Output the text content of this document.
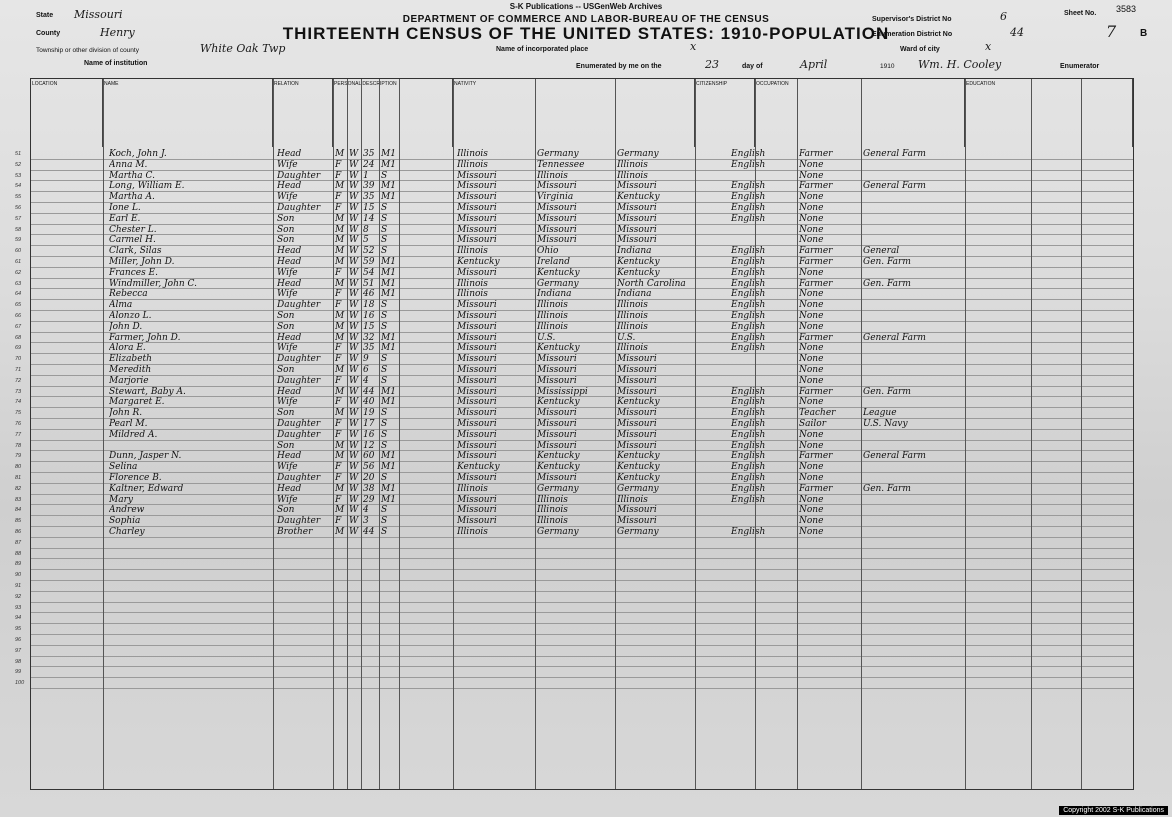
S-K Publications -- USGenWeb Archives
DEPARTMENT OF COMMERCE AND LABOR-BUREAU OF THE CENSUS
THIRTEENTH CENSUS OF THE UNITED STATES: 1910-POPULATION
State Missouri
County	Henry
Township or other division of county	White Oak Twp
Name of institution
Name of incorporated place	x
Enumerated by me on the	23	day of	April	1910 Wm. H. Cooley	Enumerator
Supervisor's District No	6
Enumeration District No	44
Ward of city	x
Sheet No.
7 B
3583
LOCATION	NAME	RELATION	PERSONAL DESCRIPTION	NATIVITY	CITIZENSHIP	OCCUPATION	EDUCATION
51	Koch, John J.	Head	M W 35 M1	Illinois	Germany	Germany	English	Farmer	General Farm
52	Anna M.	Wife	F W 24 M1	Illinois	Tennessee	Illinois	English	None
53	Martha C.	Daughter	F W 1	S	Missouri	Illinois	Illinois	None
54	Long, William E.	Head	M W 39 M1	Missouri	Missouri	Missouri	English	Farmer	General Farm
55	Martha A.	Wife	F W 35 M1	Missouri	Virginia	Kentucky	English	None
56	Ione L.	Daughter	F W 15 S	Missouri	Missouri	Missouri	English	None
57	Earl E.	Son	M W 14 S	Missouri	Missouri	Missouri	English	None
58	Chester L.	Son	M W 8	S	Missouri	Missouri	Missouri	None
59	Carmel H.	Son	M W 5	S	Missouri	Missouri	Missouri	None
60	Clark, Silas	Head	M W 52 S	Illinois	Ohio	Indiana	English	Farmer	General
61	Miller, John D.	Head	M W 59 M1	Kentucky	Ireland	Kentucky	English	Farmer	Gen. Farm
62	Frances E.	Wife	F W 54 M1	Missouri	Kentucky	Kentucky	English	None
63	Windmiller, John C.	Head	M W 51 M1	Illinois	Germany	North Carolina	English	Farmer	Gen. Farm
64	Rebecca	Wife	F W 46 M1	Illinois	Indiana	Indiana	English	None
65	Alma	Daughter	F W 18 S	Missouri	Illinois	Illinois	English	None
66	Alonzo L.	Son	M W 16 S	Missouri	Illinois	Illinois	English	None
67	John D.	Son	M W 15 S	Missouri	Illinois	Illinois	English	None
68	Farmer, John D.	Head	M W 32 M1	Missouri	U.S.	U.S.	English	Farmer	General Farm
69	Alora E.	Wife	F W 35 M1	Missouri	Kentucky	Illinois	English	None
70	Elizabeth	Daughter	F W 9	S	Missouri	Missouri	Missouri	None
71	Meredith	Son	M W 6	S	Missouri	Missouri	Missouri	None
72	Marjorie	Daughter	F W 4	S	Missouri	Missouri	Missouri	None
73	Stewart, Baby A.	Head	M W 44 M1	Missouri	Mississippi	Missouri	English	Farmer	Gen. Farm
74	Margaret E.	Wife	F W 40 M1	Missouri	Kentucky	Kentucky	English	None
75	John R.	Son	M W 19 S	Missouri	Missouri	Missouri	English	Teacher	League
76	Pearl M.	Daughter	F W 17 S	Missouri	Missouri	Missouri	English	Sailor	U.S. Navy
77	Mildred A.	Daughter	F W 16 S	Missouri	Missouri	Missouri	English	None
78	Son	M W 12 S	Missouri	Missouri	Missouri	English	None
79	Dunn, Jasper N.	Head	M W 60 M1	Missouri	Kentucky	Kentucky	English	Farmer	General Farm
80	Selina	Wife	F W 56 M1	Kentucky	Kentucky	Kentucky	English	None
81	Florence B.	Daughter	F W 20 S	Missouri	Missouri	Kentucky	English	None
82	Kaltner, Edward	Head	M W 38 M1	Illinois	Germany	Germany	English	Farmer	Gen. Farm
83	Mary	Wife	F W 29 M1	Missouri	Illinois	Illinois	English	None
84	Andrew	Son	M W 4	S	Missouri	Illinois	Missouri	None
85	Sophia	Daughter	F W 3	S	Missouri	Illinois	Missouri	None
86	Charley	Brother	M W 44 S	Illinois	Germany	Germany	English	None
87
88
89
90
91
92
93
94
95
96
97
98
99
100
Copyright 2002 S-K Publications
